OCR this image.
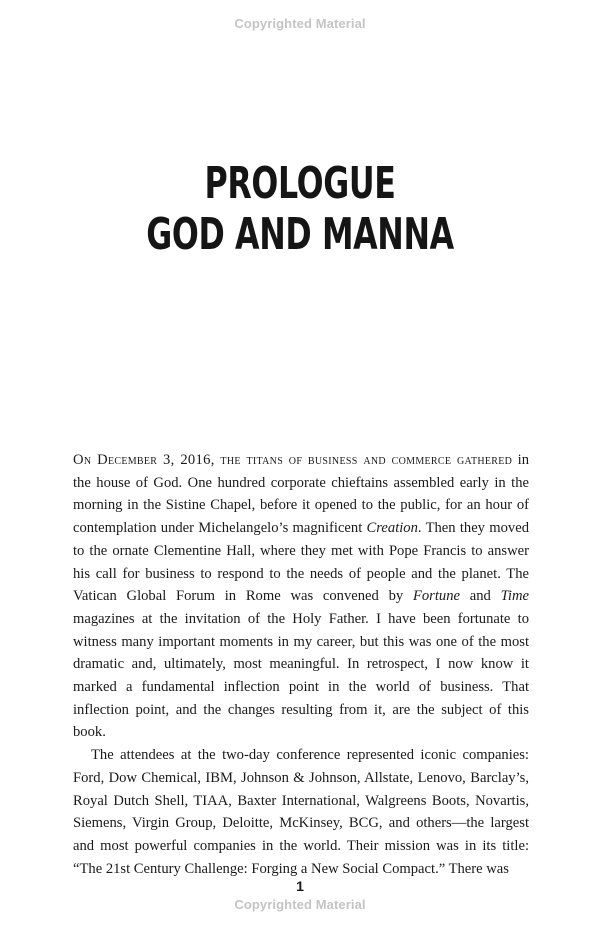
Copyrighted Material
PROLOGUE
GOD AND MANNA

On December 3, 2016, the titans of business and commerce gathered in the house of God. One hundred corporate chieftains assembled early in the morning in the Sistine Chapel, before it opened to the public, for an hour of contemplation under Michelangelo’s magnificent Creation. Then they moved to the ornate Clementine Hall, where they met with Pope Francis to answer his call for business to respond to the needs of people and the planet. The Vatican Global Forum in Rome was convened by Fortune and Time magazines at the invitation of the Holy Father. I have been fortunate to witness many important moments in my career, but this was one of the most dramatic and, ultimately, most meaningful. In retrospect, I now know it marked a fundamental inflection point in the world of business. That inflection point, and the changes resulting from it, are the subject of this book.

The attendees at the two-day conference represented iconic companies: Ford, Dow Chemical, IBM, Johnson & Johnson, Allstate, Lenovo, Barclay’s, Royal Dutch Shell, TIAA, Baxter International, Walgreens Boots, Novartis, Siemens, Virgin Group, Deloitte, McKinsey, BCG, and others—the largest and most powerful companies in the world. Their mission was in its title: “The 21st Century Challenge: Forging a New Social Compact.” There was

1
Copyrighted Material
